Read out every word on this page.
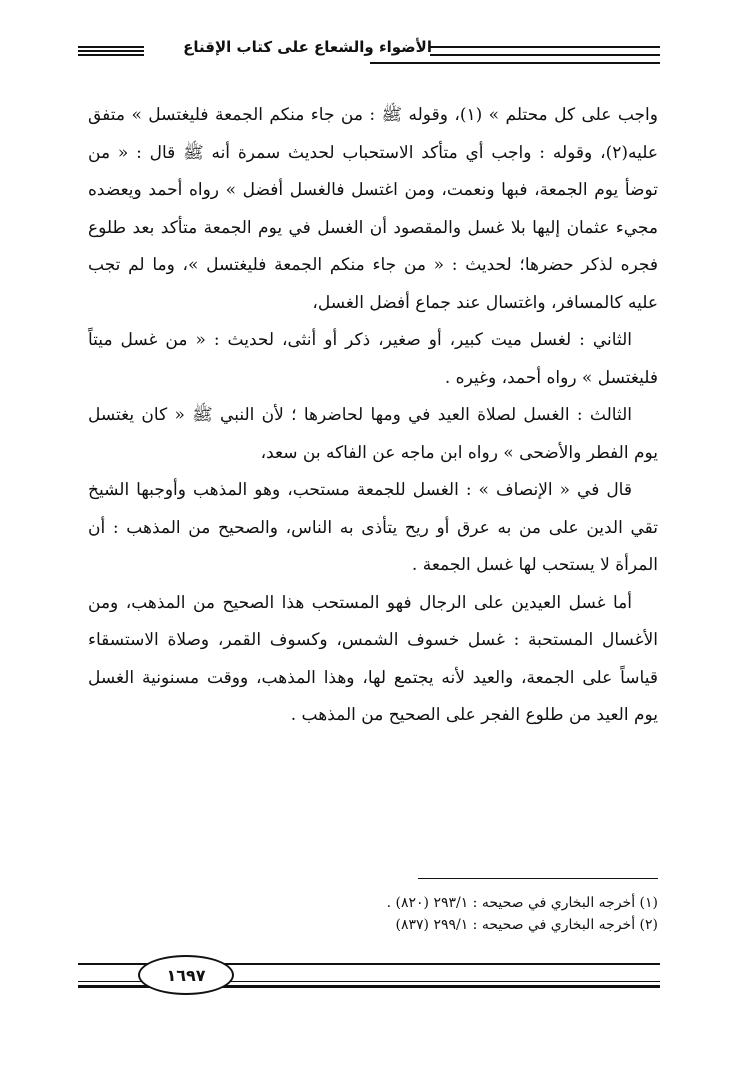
الأضواء والشعاع على كتاب الإقناع

واجب على كل محتلم » (١)، وقوله ﷺ : من جاء منكم الجمعة فليغتسل » متفق عليه(٢)، وقوله : واجب أي متأكد الاستحباب لحديث سمرة أنه ﷺ قال : « من توضأ يوم الجمعة، فبها ونعمت، ومن اغتسل فالغسل أفضل » رواه أحمد ويعضده مجيء عثمان إليها بلا غسل والمقصود أن الغسل في يوم الجمعة متأكد بعد طلوع فجره لذكر حضرها؛ لحديث : « من جاء منكم الجمعة فليغتسل »، وما لم تجب عليه كالمسافر، واغتسال عند جماع أفضل الغسل،

الثاني : لغسل ميت كبير، أو صغير، ذكر أو أنثى، لحديث : « من غسل ميتاً فليغتسل » رواه أحمد، وغيره .

الثالث : الغسل لصلاة العيد في ومها لحاضرها ؛ لأن النبي ﷺ « كان يغتسل يوم الفطر والأضحى » رواه ابن ماجه عن الفاكه بن سعد،

قال في « الإنصاف » : الغسل للجمعة مستحب، وهو المذهب وأوجبها الشيخ تقي الدين على من به عرق أو ريح يتأذى به الناس، والصحيح من المذهب : أن المرأة لا يستحب لها غسل الجمعة .

أما غسل العيدين على الرجال فهو المستحب هذا الصحيح من المذهب، ومن الأغسال المستحبة : غسل خسوف الشمس، وكسوف القمر، وصلاة الاستسقاء قياساً على الجمعة، والعيد لأنه يجتمع لها، وهذا المذهب، ووقت مسنونية الغسل يوم العيد من طلوع الفجر على الصحيح من المذهب .

(١) أخرجه البخاري في صحيحه : ٢٩٣/١ (٨٢٠) .

(٢) أخرجه البخاري في صحيحه : ٢٩٩/١ (٨٣٧)

١٦٩٧
